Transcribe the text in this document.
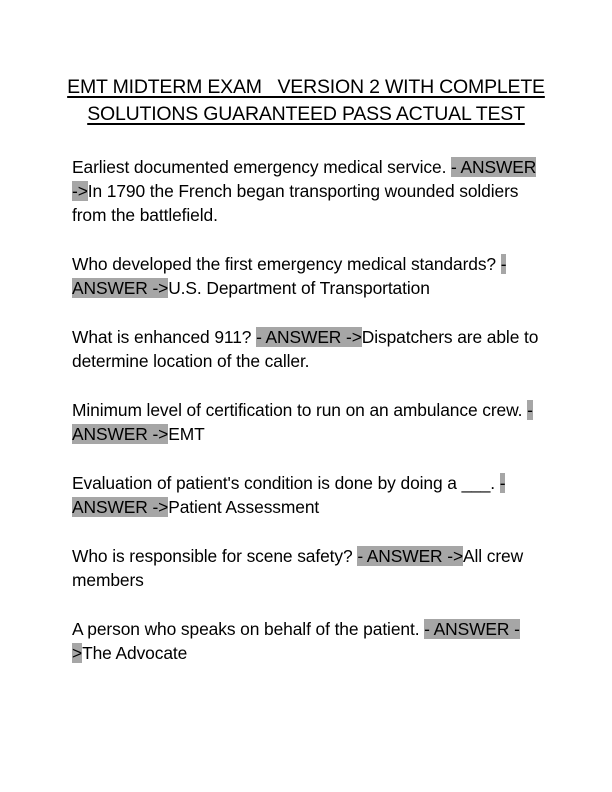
EMT MIDTERM EXAM   VERSION 2 WITH COMPLETE
SOLUTIONS GUARANTEED PASS ACTUAL TEST

Earliest documented emergency medical service. - ANSWER ->In 1790 the French began transporting wounded soldiers from the battlefield.

Who developed the first emergency medical standards? - ANSWER ->U.S. Department of Transportation

What is enhanced 911? - ANSWER ->Dispatchers are able to determine location of the caller.

Minimum level of certification to run on an ambulance crew. - ANSWER ->EMT

Evaluation of patient's condition is done by doing a ___. - ANSWER ->Patient Assessment

Who is responsible for scene safety? - ANSWER ->All crew members

A person who speaks on behalf of the patient. - ANSWER ->The Advocate
